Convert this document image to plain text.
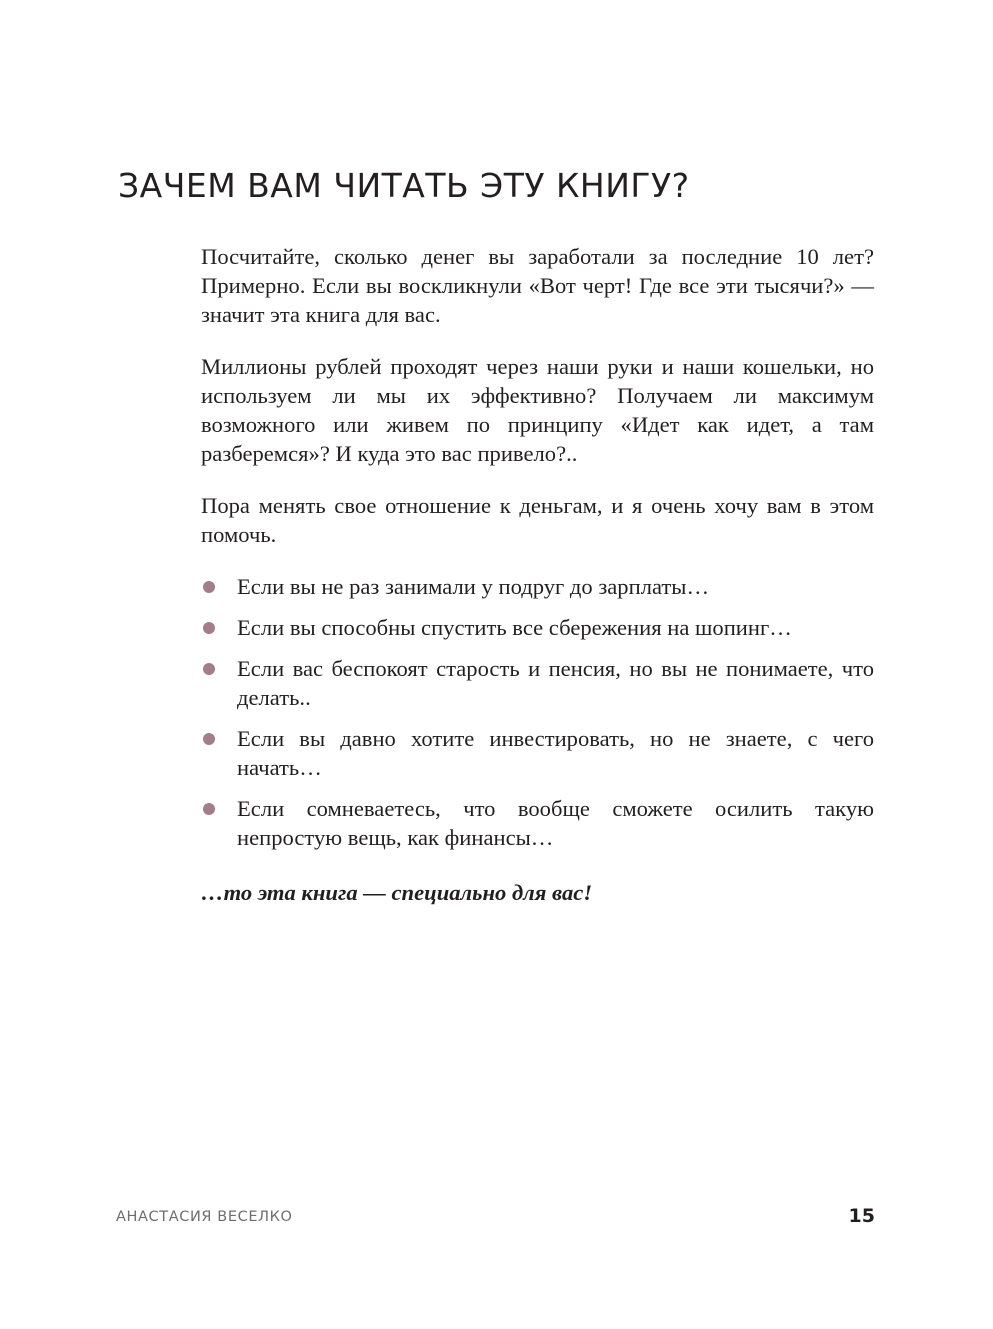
ЗАЧЕМ ВАМ ЧИТАТЬ ЭТУ КНИГУ?

Посчитайте, сколько денег вы заработали за последние 10 лет? Примерно. Если вы воскликнули «Вот черт! Где все эти тысячи?» — значит эта книга для вас.

Миллионы рублей проходят через наши руки и наши кошельки, но используем ли мы их эффективно? Получаем ли максимум возможного или живем по принципу «Идет как идет, а там разберемся»? И куда это вас привело?..

Пора менять свое отношение к деньгам, и я очень хочу вам в этом помочь.

Если вы не раз занимали у подруг до зарплаты…
Если вы способны спустить все сбережения на шопинг…
Если вас беспокоят старость и пенсия, но вы не понимаете, что делать..
Если вы давно хотите инвестировать, но не знаете, с чего начать…
Если сомневаетесь, что вообще сможете осилить такую непростую вещь, как финансы…
…то эта книга — специально для вас!
АНАСТАСИЯ ВЕСЕЛКО	15
